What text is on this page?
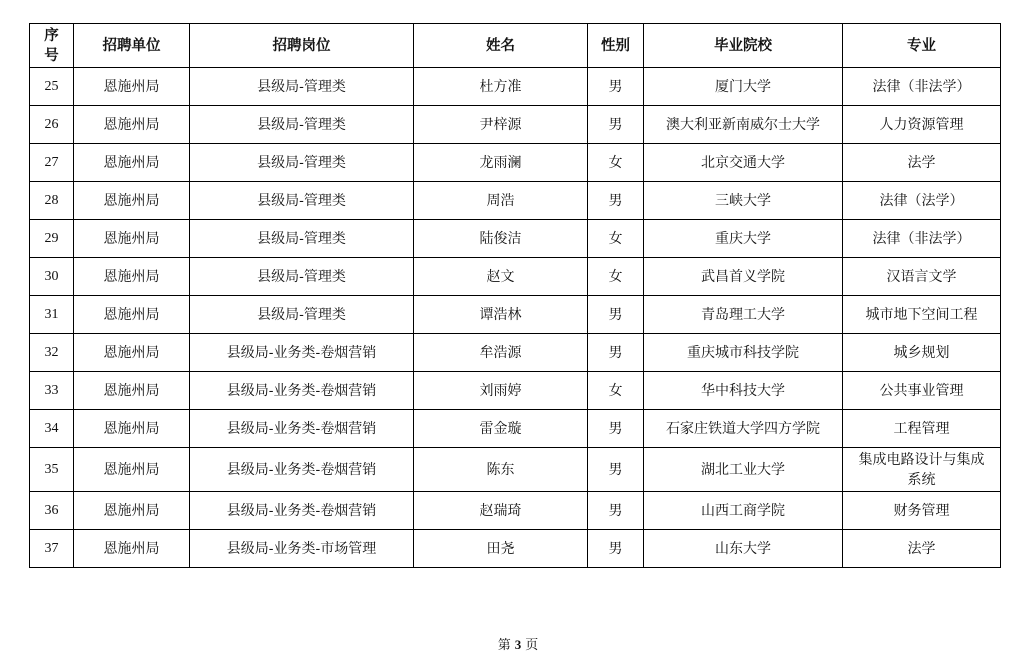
序
号	招聘单位	招聘岗位	姓名	性别	毕业院校	专业
25	恩施州局	县级局-管理类	杜方准	男	厦门大学	法律（非法学）
26	恩施州局	县级局-管理类	尹梓源	男	澳大利亚新南威尔士大学	人力资源管理
27	恩施州局	县级局-管理类	龙雨澜	女	北京交通大学	法学
28	恩施州局	县级局-管理类	周浩	男	三峡大学	法律（法学）
29	恩施州局	县级局-管理类	陆俊洁	女	重庆大学	法律（非法学）
30	恩施州局	县级局-管理类	赵文	女	武昌首义学院	汉语言文学
31	恩施州局	县级局-管理类	谭浩林	男	青岛理工大学	城市地下空间工程
32	恩施州局	县级局-业务类-卷烟营销	牟浩源	男	重庆城市科技学院	城乡规划
33	恩施州局	县级局-业务类-卷烟营销	刘雨婷	女	华中科技大学	公共事业管理
34	恩施州局	县级局-业务类-卷烟营销	雷金璇	男	石家庄铁道大学四方学院	工程管理
35	恩施州局	县级局-业务类-卷烟营销	陈东	男	湖北工业大学	集成电路设计与集成系统
36	恩施州局	县级局-业务类-卷烟营销	赵瑞琦	男	山西工商学院	财务管理
37	恩施州局	县级局-业务类-市场管理	田尧	男	山东大学	法学
第 3 页
